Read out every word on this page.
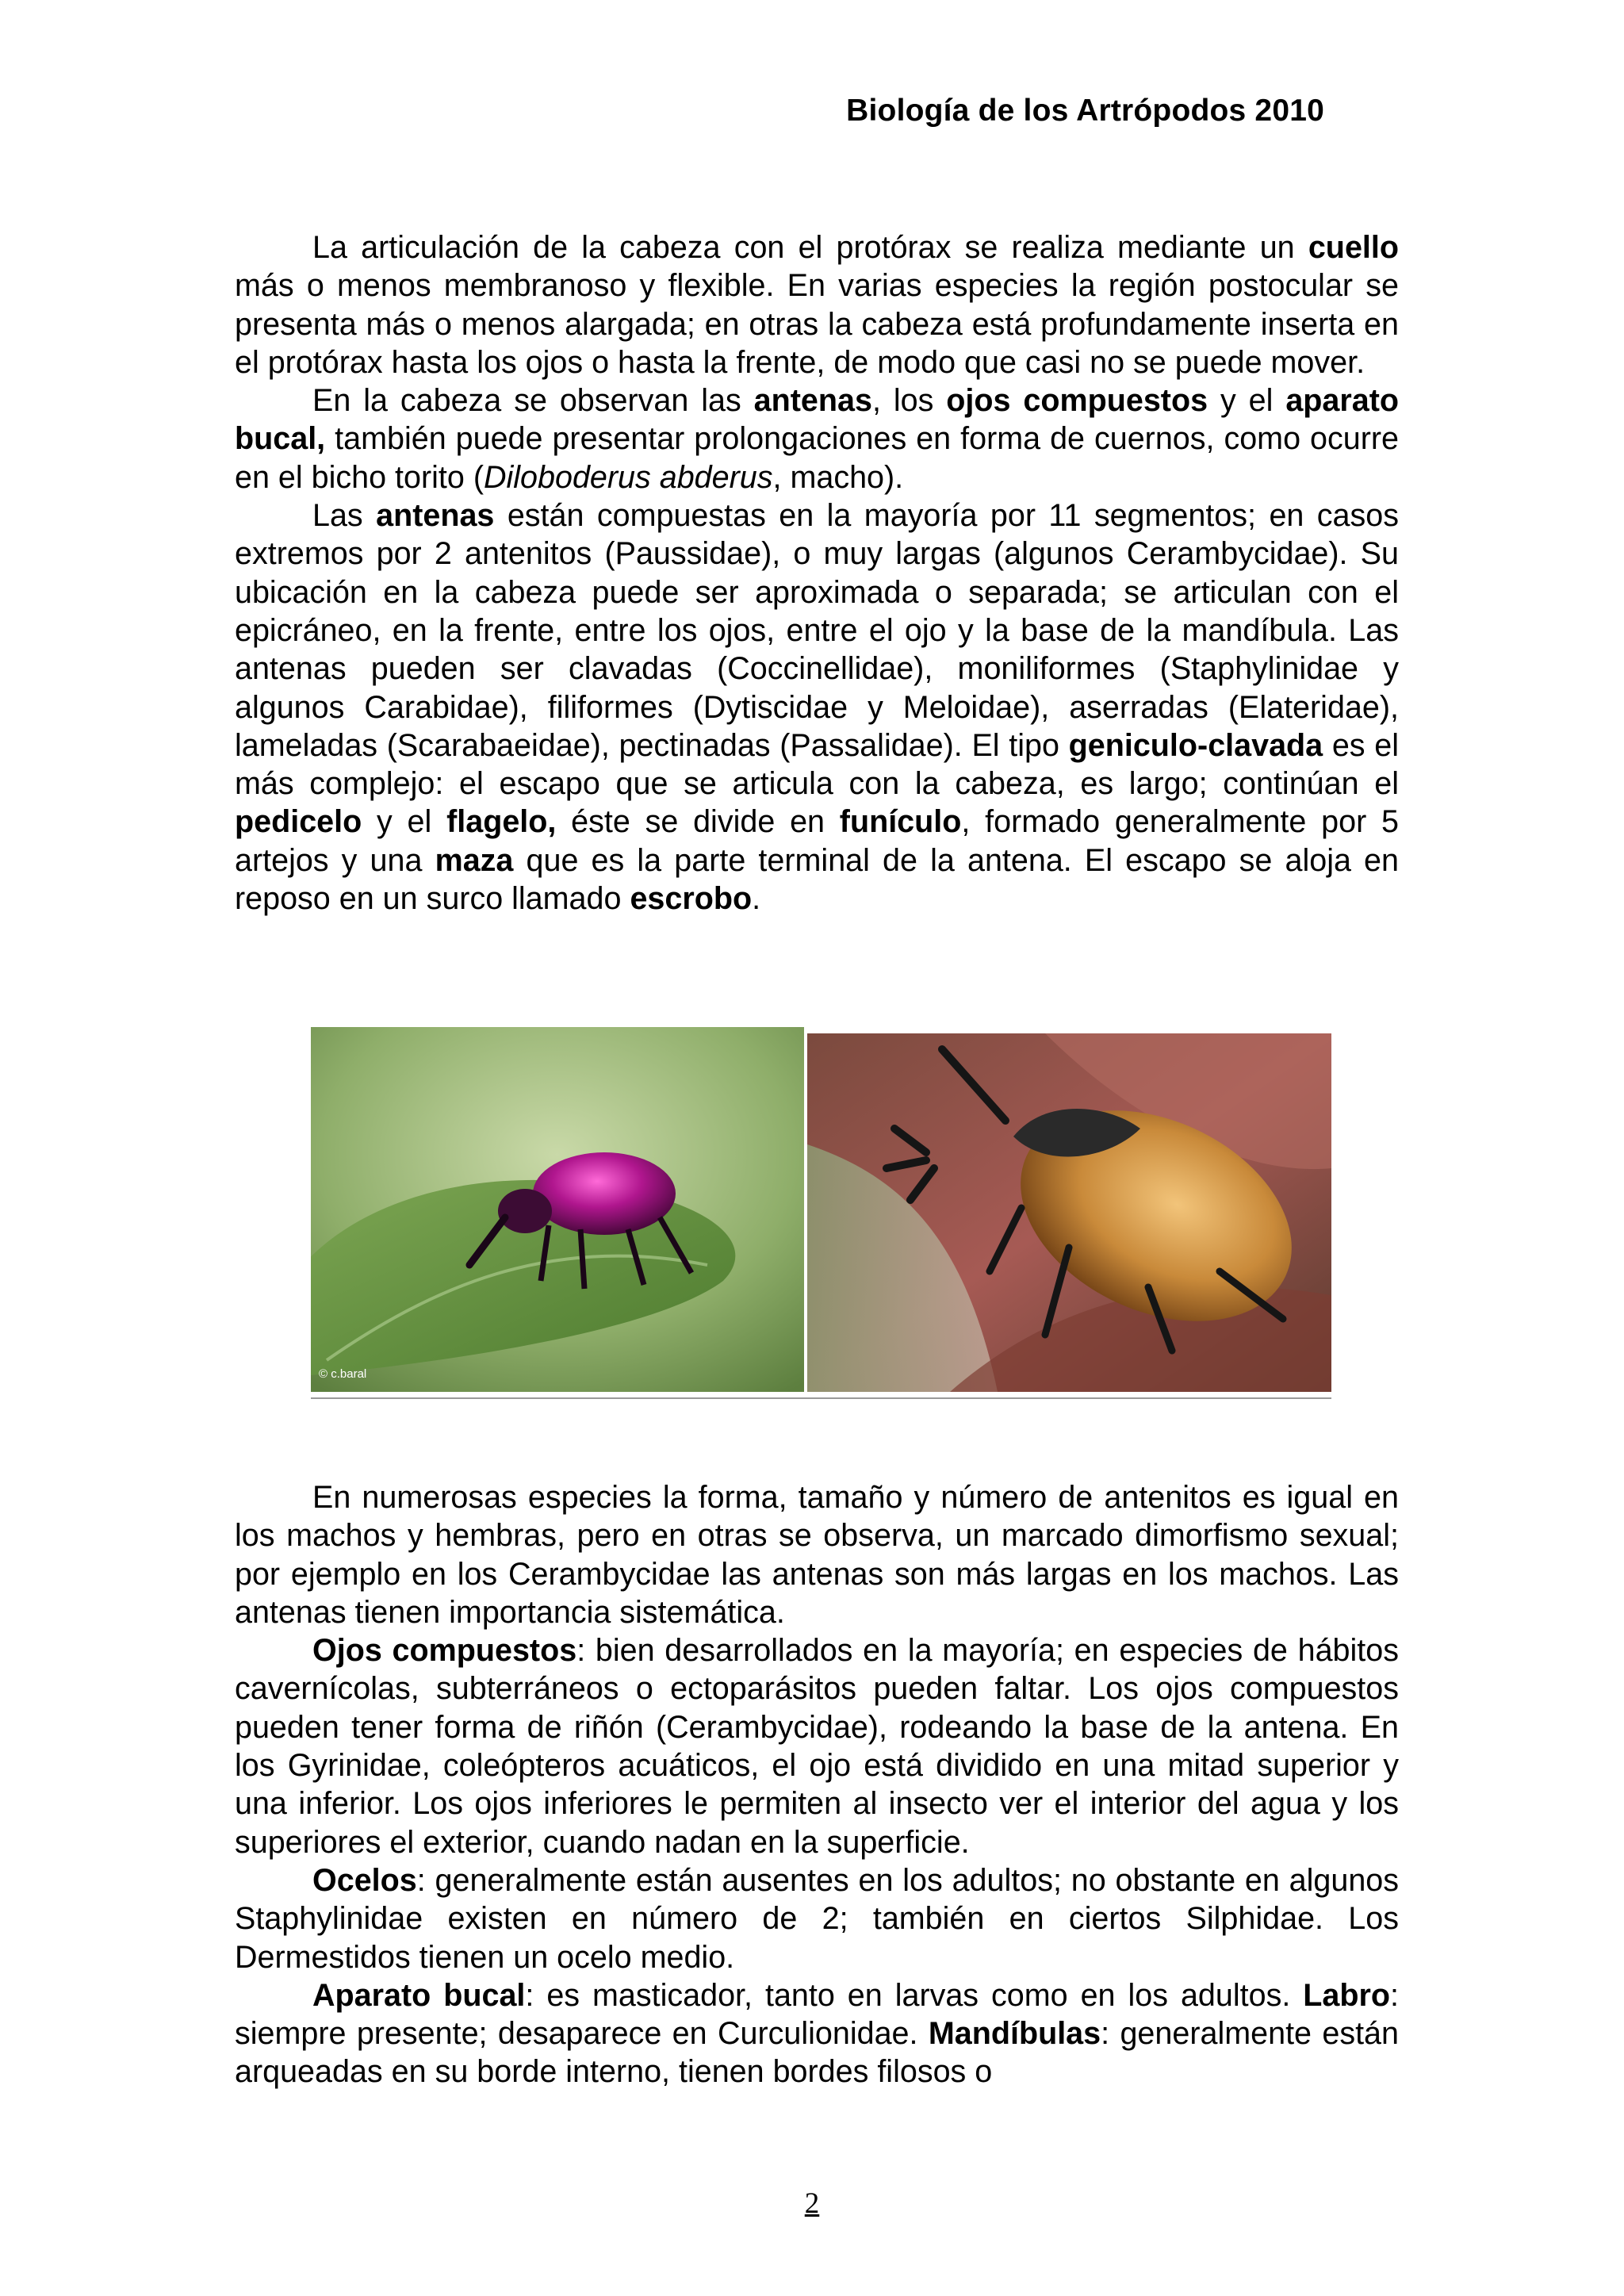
Biología de los Artrópodos 2010

La articulación de la cabeza con el protórax se realiza mediante un cuello más o menos membranoso y flexible. En varias especies la región postocular se presenta más o menos alargada; en otras la cabeza está profundamente inserta en el protórax hasta los ojos o hasta la frente, de modo que casi no se puede mover.

En la cabeza se observan las antenas, los ojos compuestos y el aparato bucal, también puede presentar prolongaciones en forma de cuernos, como ocurre en el bicho torito (Diloboderus abderus, macho).

Las antenas están compuestas en la mayoría por 11 segmentos; en casos extremos por 2 antenitos (Paussidae), o muy largas (algunos Cerambycidae). Su ubicación en la cabeza puede ser aproximada o separada; se articulan con el epicráneo, en la frente, entre los ojos, entre el ojo y la base de la mandíbula. Las antenas pueden ser clavadas (Coccinellidae), moniliformes (Staphylinidae y algunos Carabidae), filiformes (Dytiscidae y Meloidae), aserradas (Elateridae), lameladas (Scarabaeidae), pectinadas (Passalidae). El tipo geniculo-clavada es el más complejo: el escapo que se articula con la cabeza, es largo; continúan el pedicelo y el flagelo, éste se divide en funículo, formado generalmente por 5 artejos y una maza que es la parte terminal de la antena. El escapo se aloja en reposo en un surco llamado escrobo.

© c.baral

En numerosas especies la forma, tamaño y número de antenitos es igual en los machos y hembras, pero en otras se observa, un marcado dimorfismo sexual; por ejemplo en los Cerambycidae las antenas son más largas en los machos. Las antenas tienen importancia sistemática.

Ojos compuestos: bien desarrollados en la mayoría; en especies de hábitos cavernícolas, subterráneos o ectoparásitos pueden faltar. Los ojos compuestos pueden tener forma de riñón (Cerambycidae), rodeando la base de la antena. En los Gyrinidae, coleópteros acuáticos, el ojo está dividido en una mitad superior y una inferior. Los ojos inferiores le permiten al insecto ver el interior del agua y los superiores el exterior, cuando nadan en la superficie.

Ocelos: generalmente están ausentes en los adultos; no obstante en algunos Staphylinidae existen en número de 2; también en ciertos Silphidae. Los Dermestidos tienen un ocelo medio.

Aparato bucal: es masticador, tanto en larvas como en los adultos. Labro: siempre presente; desaparece en Curculionidae. Mandíbulas: generalmente están arqueadas en su borde interno, tienen bordes filosos o

2
